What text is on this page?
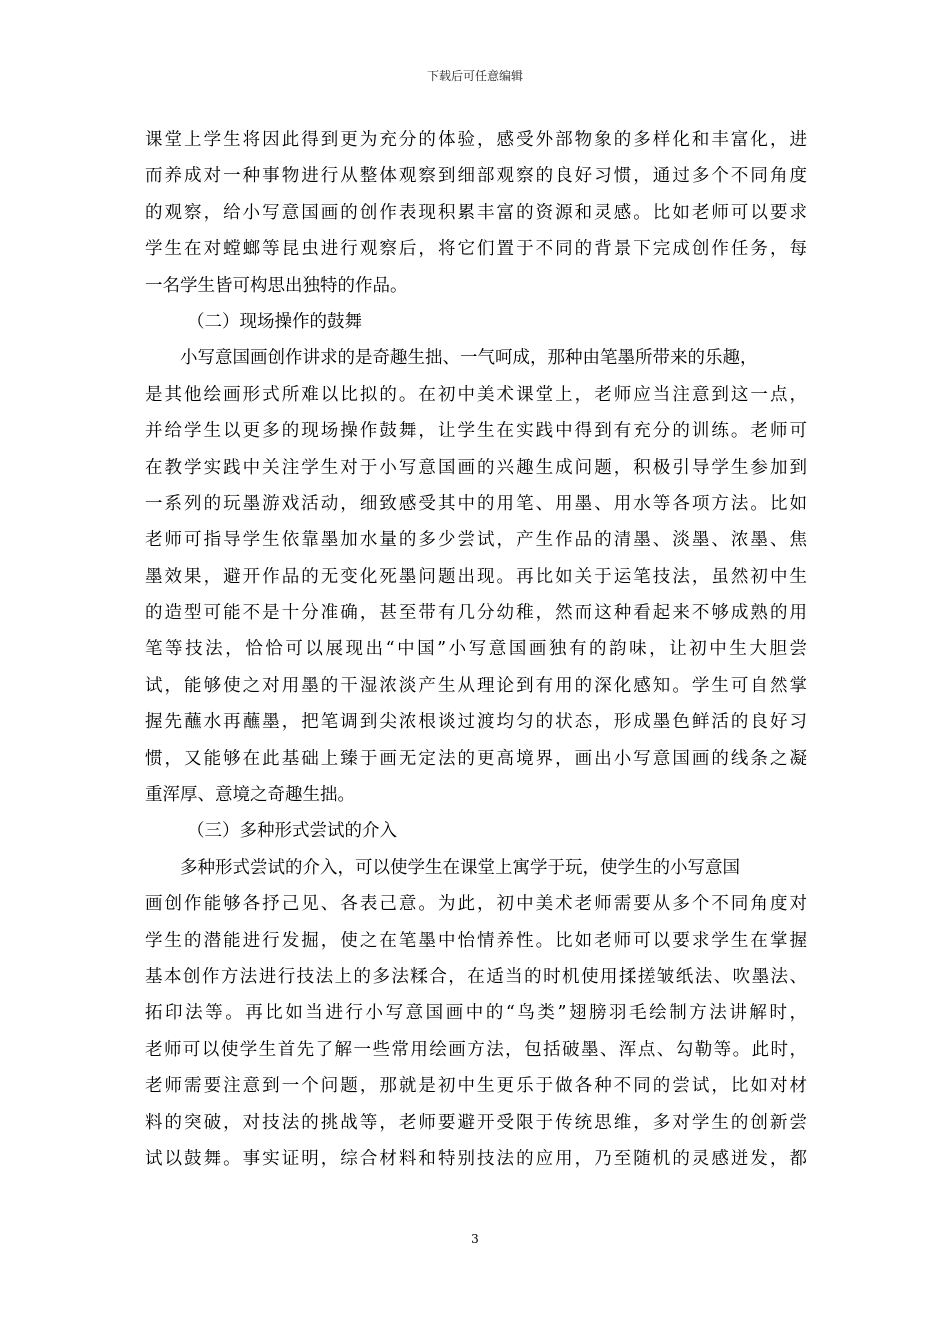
下载后可任意编辑
课堂上学生将因此得到更为充分的体验，感受外部物象的多样化和丰富化，进
而养成对一种事物进行从整体观察到细部观察的良好习惯，通过多个不同角度
的观察，给小写意国画的创作表现积累丰富的资源和灵感。比如老师可以要求
学生在对螳螂等昆虫进行观察后，将它们置于不同的背景下完成创作任务，每
一名学生皆可构思出独特的作品。
（二）现场操作的鼓舞
小写意国画创作讲求的是奇趣生拙、一气呵成，那种由笔墨所带来的乐趣，
是其他绘画形式所难以比拟的。在初中美术课堂上，老师应当注意到这一点，
并给学生以更多的现场操作鼓舞，让学生在实践中得到有充分的训练。老师可
在教学实践中关注学生对于小写意国画的兴趣生成问题，积极引导学生参加到
一系列的玩墨游戏活动，细致感受其中的用笔、用墨、用水等各项方法。比如
老师可指导学生依靠墨加水量的多少尝试，产生作品的清墨、淡墨、浓墨、焦
墨效果，避开作品的无变化死墨问题出现。再比如关于运笔技法，虽然初中生
的造型可能不是十分准确，甚至带有几分幼稚，然而这种看起来不够成熟的用
笔等技法，恰恰可以展现出“中国”小写意国画独有的韵味，让初中生大胆尝
试，能够使之对用墨的干湿浓淡产生从理论到有用的深化感知。学生可自然掌
握先蘸水再蘸墨，把笔调到尖浓根谈过渡均匀的状态，形成墨色鲜活的良好习
惯，又能够在此基础上臻于画无定法的更高境界，画出小写意国画的线条之凝
重浑厚、意境之奇趣生拙。
（三）多种形式尝试的介入
多种形式尝试的介入，可以使学生在课堂上寓学于玩，使学生的小写意国
画创作能够各抒己见、各表己意。为此，初中美术老师需要从多个不同角度对
学生的潜能进行发掘，使之在笔墨中怡情养性。比如老师可以要求学生在掌握
基本创作方法进行技法上的多法糅合，在适当的时机使用揉搓皱纸法、吹墨法、
拓印法等。再比如当进行小写意国画中的“鸟类”翅膀羽毛绘制方法讲解时，
老师可以使学生首先了解一些常用绘画方法，包括破墨、浑点、勾勒等。此时，
老师需要注意到一个问题，那就是初中生更乐于做各种不同的尝试，比如对材
料的突破，对技法的挑战等，老师要避开受限于传统思维，多对学生的创新尝
试以鼓舞。事实证明，综合材料和特别技法的应用，乃至随机的灵感迸发，都
3
